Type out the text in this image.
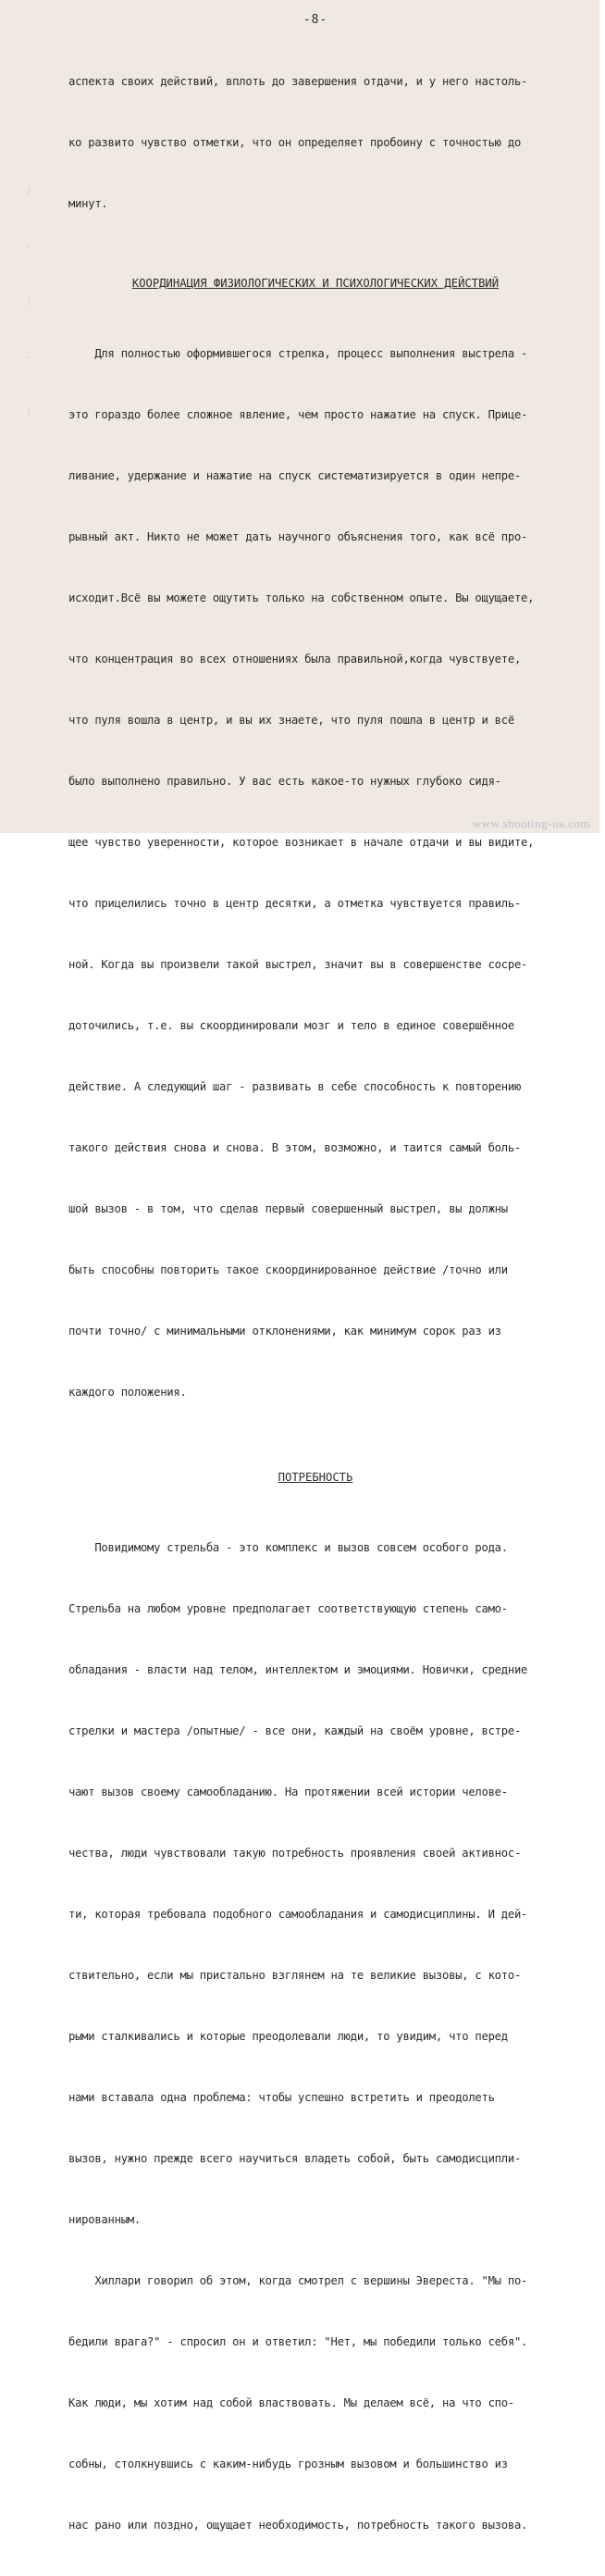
⁞
·
⁞
·
⁞
-8-

аспекта своих действий, вплоть до завершения отдачи, и у него настоль-

ко развито чувство отметки, что он определяет пробоину с точностью до

минут.

КООРДИНАЦИЯ ФИЗИОЛОГИЧЕСКИХ И ПСИХОЛОГИЧЕСКИХ ДЕЙСТВИЙ

Для полностью оформившегося стрелка, процесс выполнения выстрела -

это гораздо более сложное явление, чем просто нажатие на спуск. Прице-

ливание, удержание и нажатие на спуск систематизируется в один непре-

рывный акт. Никто не может дать научного объяснения того, как всё про-

исходит.Всё вы можете ощутить только на собственном опыте. Вы ощущаете,

что концентрация во всех отношениях была правильной,когда чувствуете,

что пуля вошла в центр, и вы их знаете, что пуля пошла в центр и всё

было выполнено правильно. У вас есть какое-то нужных глубоко сидя-

щее чувство уверенности, которое возникает в начале отдачи и вы видите,

что прицелились точно в центр десятки, а отметка чувствуется правиль-

ной. Когда вы произвели такой выстрел, значит вы в совершенстве сосре-

доточились, т.е. вы скоординировали мозг и тело в единое совершённое

действие. А следующий шаг - развивать в себе способность к повторению

такого действия снова и снова. В этом, возможно, и таится самый боль-

шой вызов - в том, что сделав первый совершенный выстрел, вы должны

быть способны повторить такое скоординированное действие /точно или

почти точно/ с минимальными отклонениями, как минимум сорок раз из

каждого положения.

ПОТРЕБНОСТЬ

Повидимому стрельба - это комплекс и вызов совсем особого рода.

Стрельба на любом уровне предполагает соответствующую степень само-

обладания - власти над телом, интеллектом и эмоциями. Новички, средние

стрелки и мастера /опытные/ - все они, каждый на своём уровне, встре-

чают вызов своему самообладанию. На протяжении всей истории челове-

чества, люди чувствовали такую потребность проявления своей активнос-

ти, которая требовала подобного самообладания и самодисциплины. И дей-

ствительно, если мы пристально взглянем на те великие вызовы, с кото-

рыми сталкивались и которые преодолевали люди, то увидим, что перед

нами вставала одна проблема: чтобы успешно встретить и преодолеть

вызов, нужно прежде всего научиться владеть собой, быть самодисципли-

нированным.

Хиллари говорил об этом, когда смотрел с вершины Эвереста. "Мы по-

бедили врага?" - спросил он и ответил: "Нет, мы победили только себя".

Как люди, мы хотим над собой властвовать. Мы делаем всё, на что спо-

собны, столкнувшись с каким-нибудь грозным вызовом и большинство из

нас рано или поздно, ощущает необходимость, потребность такого вызова.

www.shooting-ua.com
